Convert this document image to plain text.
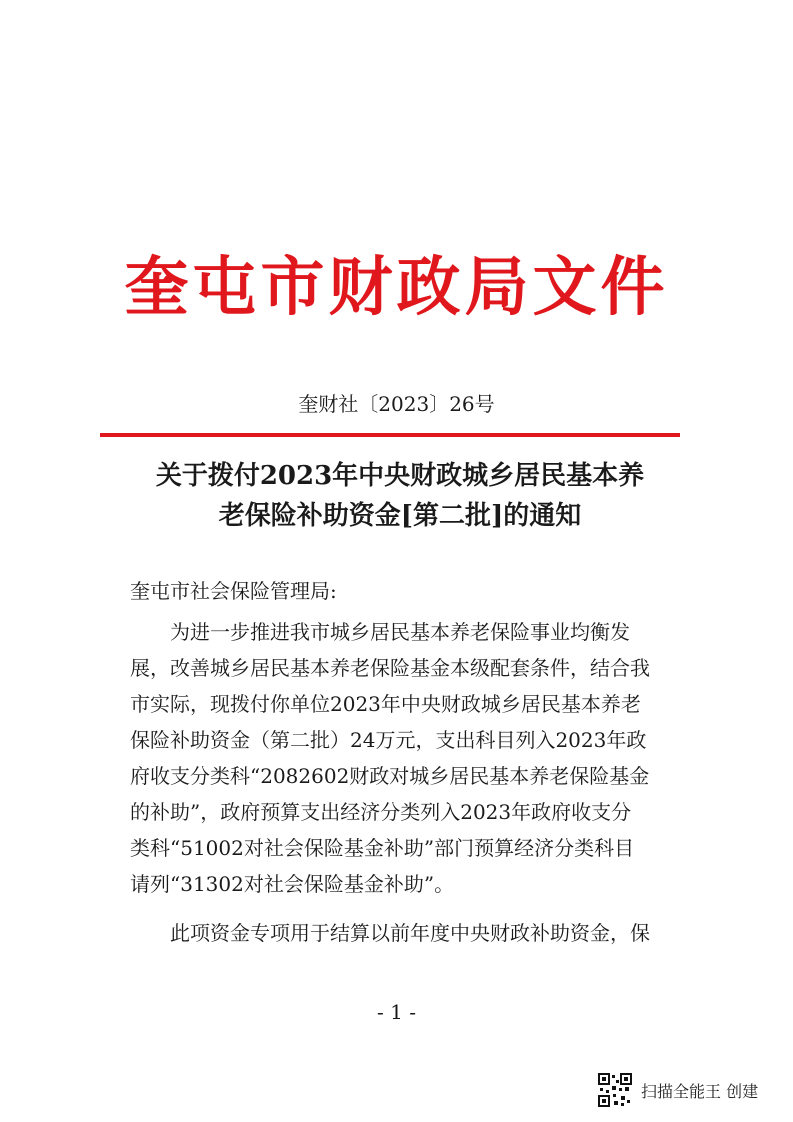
奎屯市财政局文件
奎财社〔2023〕26号
关于拨付2023年中央财政城乡居民基本养
老保险补助资金[第二批]的通知
奎屯市社会保险管理局:
为进一步推进我市城乡居民基本养老保险事业均衡发
展，改善城乡居民基本养老保险基金本级配套条件，结合我
市实际，现拨付你单位2023年中央财政城乡居民基本养老
保险补助资金（第二批）24万元，支出科目列入2023年政
府收支分类科“2082602财政对城乡居民基本养老保险基金
的补助”，政府预算支出经济分类列入2023年政府收支分
类科“51002对社会保险基金补助”部门预算经济分类科目
请列“31302对社会保险基金补助”。
此项资金专项用于结算以前年度中央财政补助资金，保
- 1 -
扫描全能王 创建
